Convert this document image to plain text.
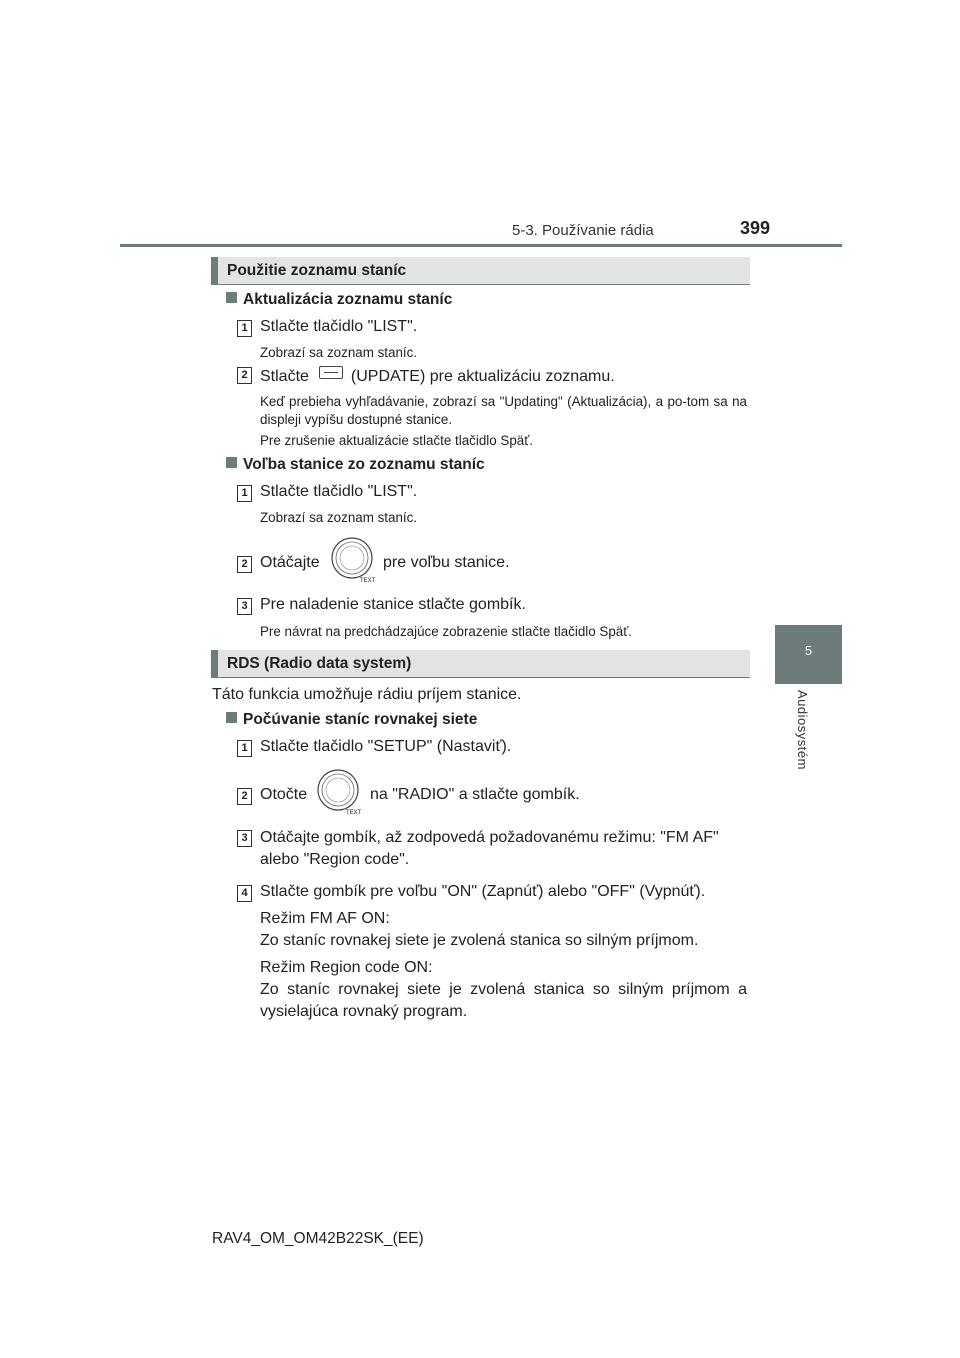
5-3. Používanie rádia	399
5
Audiosystém
Použitie zoznamu staníc
Aktualizácia zoznamu staníc
1 Stlačte tlačidlo "LIST".
Zobrazí sa zoznam staníc.
2 Stlačte	(UPDATE) pre aktualizáciu zoznamu.
Keď prebieha vyhľadávanie, zobrazí sa "Updating" (Aktualizácia), a po-tom sa na displeji vypíšu dostupné stanice.
Pre zrušenie aktualizácie stlačte tlačidlo Späť.
Voľba stanice zo zoznamu staníc
1 Stlačte tlačidlo "LIST".
Zobrazí sa zoznam staníc.
2 Otáčajte
TEXT
pre voľbu stanice.
3 Pre naladenie stanice stlačte gombík.
Pre návrat na predchádzajúce zobrazenie stlačte tlačidlo Späť.
RDS (Radio data system)
Táto funkcia umožňuje rádiu príjem stanice.
Počúvanie staníc rovnakej siete
1 Stlačte tlačidlo "SETUP" (Nastaviť).
2 Otočte
TEXT
na "RADIO" a stlačte gombík.
3 Otáčajte gombík, až zodpovedá požadovanému režimu: "FM AF" alebo "Region code".
4 Stlačte gombík pre voľbu "ON" (Zapnúť) alebo "OFF" (Vypnúť).
Režim FM AF ON:
Zo staníc rovnakej siete je zvolená stanica so silným príjmom.
Režim Region code ON:
Zo staníc rovnakej siete je zvolená stanica so silným príjmom a vysielajúca rovnaký program.
RAV4_OM_OM42B22SK_(EE)
